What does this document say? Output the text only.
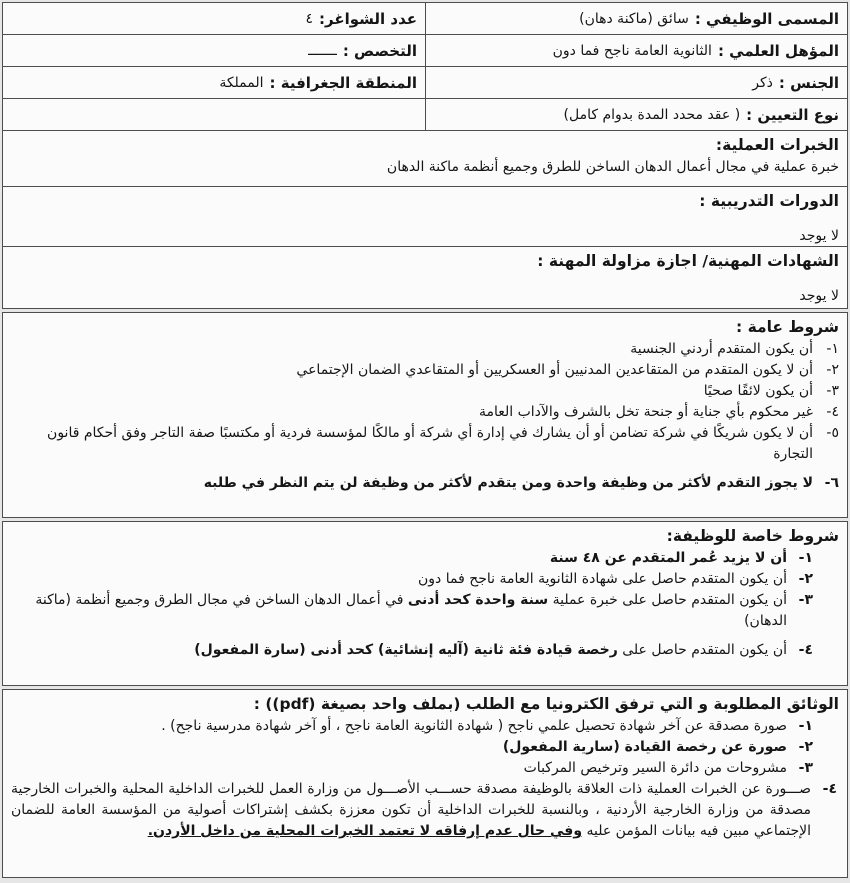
المسمى الوظيفي :
سائق (ماكنة دهان)
عدد الشواغر:
٤
المؤهل العلمي :
الثانوية العامة ناجح فما دون
التخصص :
ـــــــ
الجنس :
ذكر
المنطقة الجغرافية :
المملكة
نوع التعيين :
( عقد محدد المدة بدوام كامل)
الخبرات العملية:
خبرة عملية في مجال أعمال الدهان الساخن للطرق وجميع أنظمة ماكنة الدهان
الدورات التدريبية :
لا يوجد
الشهادات المهنية/ اجازة مزاولة المهنة :
لا يوجد
شروط عامة :
١-
أن يكون المتقدم أردني الجنسية
٢-
أن لا يكون المتقدم من المتقاعدين المدنيين أو العسكريين أو المتقاعدي الضمان الإجتماعي
٣-
أن يكون لائقًا صحيًا
٤-
غير محكوم بأي جناية أو جنحة تخل بالشرف والآداب العامة
٥-
أن لا يكون شريكًا في شركة تضامن أو أن يشارك في إدارة أي شركة أو مالكًا لمؤسسة فردية أو مكتسبًا صفة التاجر وفق أحكام قانون التجارة
٦-
لا يجوز التقدم لأكثر من وظيفة واحدة ومن يتقدم لأكثر من وظيفة لن يتم النظر في طلبه
شروط خاصة للوظيفة:
١-
أن لا يزيد عُمر المتقدم عن ٤٨ سنة
٢-
أن يكون المتقدم حاصل على شهادة الثانوية العامة ناجح فما دون
٣-
أن يكون المتقدم حاصل على خبرة عملية سنة واحدة كحد أدنى في أعمال الدهان الساخن في مجال الطرق وجميع أنظمة (ماكنة الدهان)
٤-
أن يكون المتقدم حاصل على رخصة قيادة فئة ثانية (آليه إنشائية) كحد أدنى (سارة المفعول)
الوثائق المطلوبة و التي ترفق الكترونيا مع الطلب (بملف واحد بصيغة (pdf)) :
١-
صورة مصدقة عن آخر شهادة تحصيل علمي ناجح ( شهادة الثانوية العامة ناجح ، أو آخر شهادة مدرسية ناجح) .
٢-
صورة عن رخصة القيادة (سارية المفعول)
٣-
مشروحات من دائرة السير وترخيص المركبات
٤-
صـــورة عن الخبرات العملية ذات العلاقة بالوظيفة مصدقة حســـب الأصـــول من وزارة العمل للخبرات الداخلية المحلية والخبرات الخارجية مصدقة من وزارة الخارجية الأردنية ، وبالنسبة للخبرات الداخلية أن تكون معززة بكشف إشتراكات أصولية من المؤسسة العامة للضمان الإجتماعي مبين فيه بيانات المؤمن عليه وفي حال عدم إرفاقه لا تعتمد الخبرات المحلية من داخل الأردن.
